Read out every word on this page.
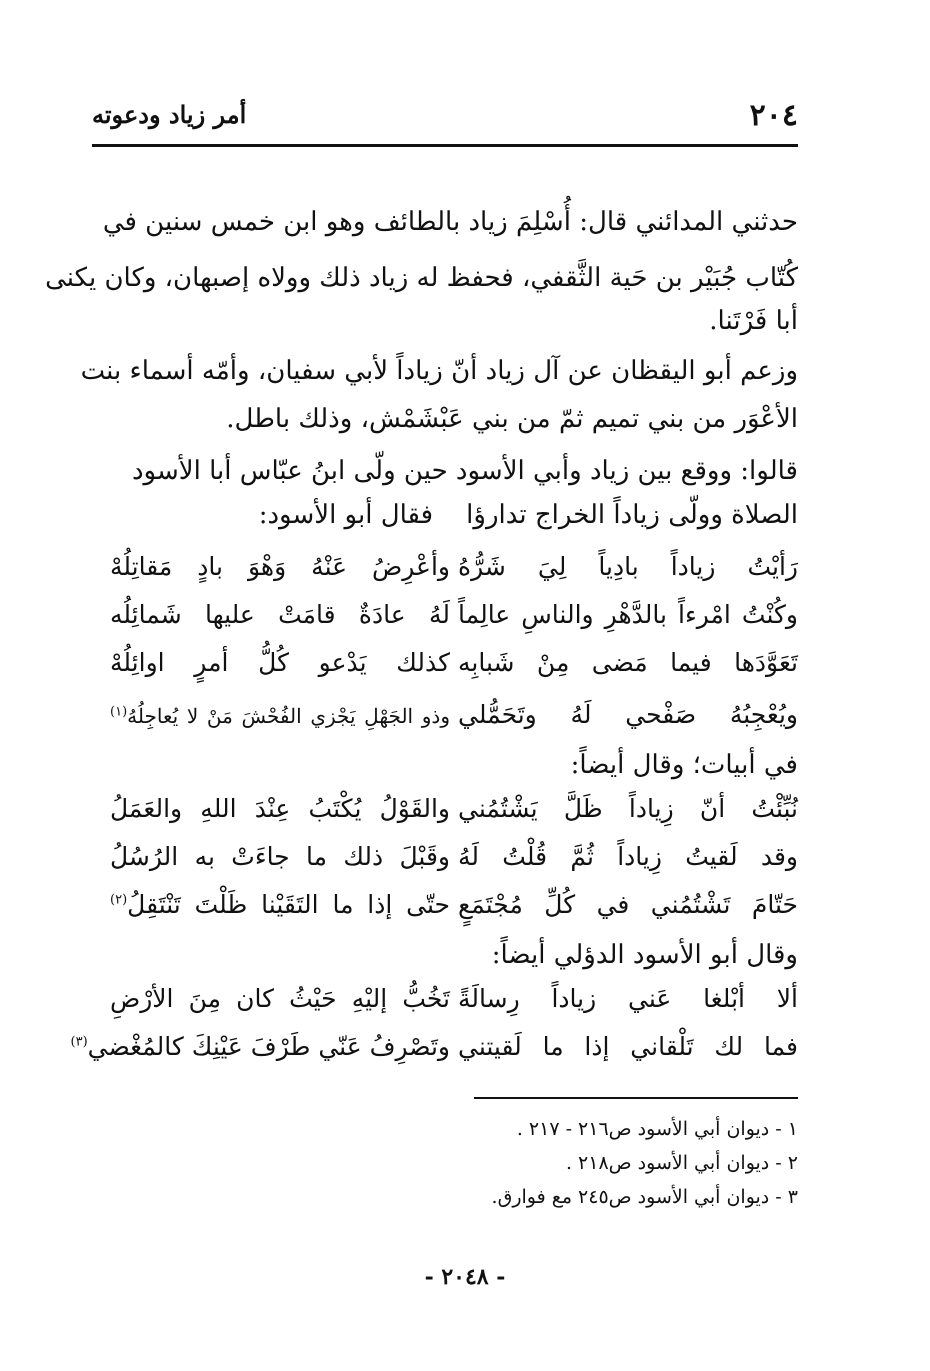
٢٠٤
أمر زياد ودعوته
حدثني المدائني قال: أُسْلِمَ زياد بالطائف وهو ابن خمس سنين في
كُتّاب جُبَيْر بن حَية الثَّقفي، فحفظ له زياد ذلك وولاه إصبهان، وكان يكنى
أبا فَرْتَنا.
وزعم أبو اليقظان عن آل زياد أنّ زياداً لأبي سفيان، وأمّه أسماء بنت
الأعْوَر من بني تميم ثمّ من بني عَبْشَمْش، وذلك باطل.
قالوا: ووقع بين زياد وأبي الأسود حين ولّى ابنُ عبّاس أبا الأسود
الصلاة وولّى زياداً الخراج تدارؤا    فقال أبو الأسود:
رَأيْتُ زياداً بادِياً لِيَ شَرُّهُ
وأعْرِضُ عَنْهُ وَهْوَ بادٍ مَقاتِلُهْ
وكُنْتُ امْرءاً بالدَّهْرِ والناسِ عالِماً
لَهُ عادَةٌ قامَتْ عليها شَمائِلُه
تَعَوَّدَها فيما مَضى مِنْ شَبابِه
كذلك يَدْعو كُلُّ أمرٍ اوائِلُهْ
ويُعْجِبُهُ صَفْحي لَهُ وتَحَمُّلي
وذو الجَهْلِ يَجْزي الفُحْشَ مَنْ لا يُعاجِلُهُ$^{(١)}$
في أبيات؛ وقال أيضاً:
نُبِّئْتُ أنّ زِياداً ظَلَّ يَشْتُمُني
والقَوْلُ يُكْتَبُ عِنْدَ اللهِ والعَمَلُ
وقد لَقيتُ زِياداً ثُمَّ قُلْتُ لَهُ
وقَبْلَ ذلك ما جاءَتْ به الرُسُلُ
حَتّامَ تَشْتُمُني في كُلِّ مُجْتَمَعٍ
حتّى إذا ما التَقَيْنا ظَلْتَ تَنْتَقِلُ$^{(٢)}$
وقال أبو الأسود الدؤلي أيضاً:
ألا أبْلغا عَني زياداً رِسالَةً
تَخُبُّ إليْهِ حَيْثُ كان مِنَ الأرْضِ
فما لك تَلْقاني إذا ما لَقيتني
وتَصْرِفُ عَنّي طَرْفَ عَيْنِكَ كالمُغْضي$^{(٣)}$
١ - ديوان أبي الأسود ص٢١٦ - ٢١٧ .
٢ - ديوان أبي الأسود ص٢١٨ .
٣ - ديوان أبي الأسود ص٢٤٥ مع فوارق.
- ٢٠٤٨ -
